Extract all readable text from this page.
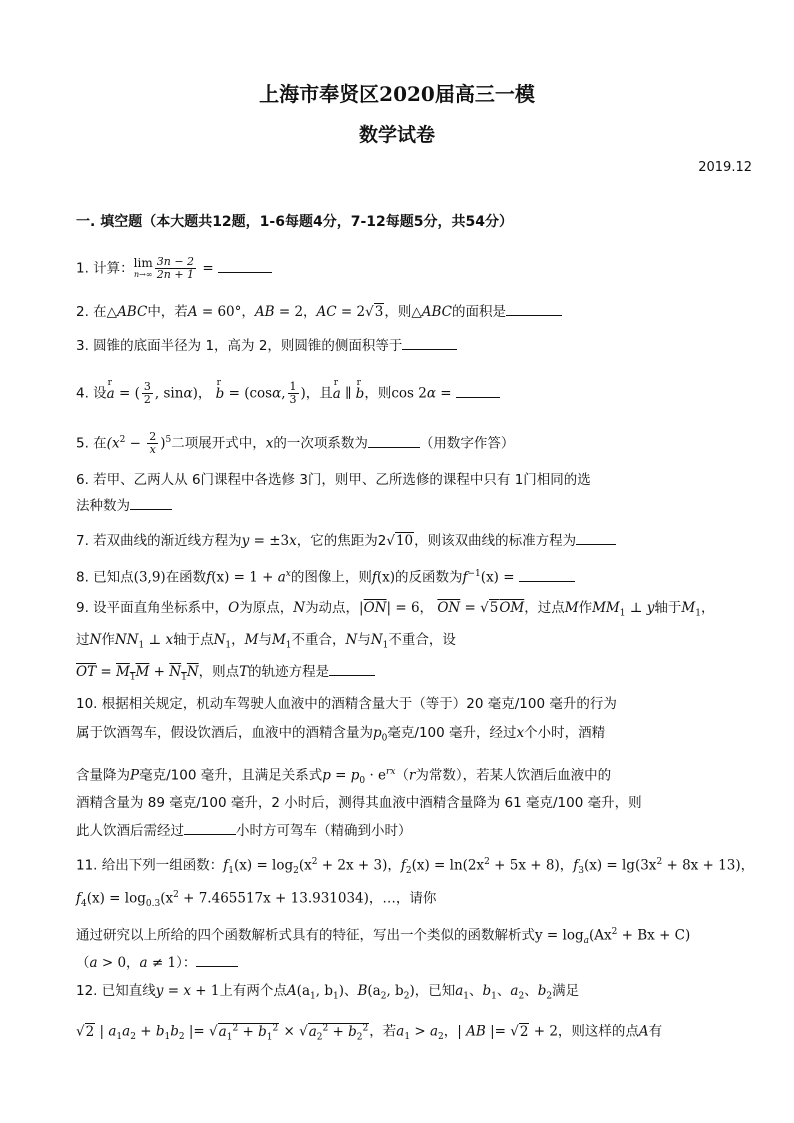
上海市奉贤区2020届高三一模
数学试卷
2019.12
一. 填空题（本大题共12题，1-6每题4分，7-12每题5分，共54分）
1. 计算：lim
$n\to\infty \frac{3n - 2}{2n + 1}$ =
2. 在△ABC中，若A = 60°，AB = 2，AC = 2√3，则△ABC的面积是
3. 圆锥的底面半径为 1，高为 2，则圆锥的侧面积等于
4. 设r a = ( $\frac{3}{2}$ , sinα)， r b = (cosα, $\frac{1}{3}$ )，且r a ∥ r b，则cos 2α =
5. 在$(x^2 - \frac{2}{x} )^5$二项展开式中，x的一次项系数为	（用数字作答）
6. 若甲、乙两人从 6门课程中各选修 3门，则甲、乙所选修的课程中只有 1门相同的选
法种数为
7. 若双曲线的渐近线方程为y = ±3x，它的焦距为2√10，则该双曲线的标准方程为
8. 已知点(3,9)在函数$f(x) = 1 + a^x$的图像上，则f(x)的反函数为$f^{-1}(x)$ =
9. 设平面直角坐标系中，O为原点，N为动点，$|\overline{ON}| = 6$， $\overline{ON} = √5\overline{OM}$，过点M作$MM_1$ ⊥ y轴于$M_1$，
过N作$NN_1$ ⊥ x轴于点$N_1$，M与$M_1$不重合，N与$N_1$不重合，设
$\overline{OT} = M_1M + N_1N$，则点T的轨迹方程是
10. 根据相关规定，机动车驾驶人血液中的酒精含量大于（等于）20 毫克/100 毫升的行为
属于饮酒驾车，假设饮酒后，血液中的酒精含量为$p_0$毫克/100 毫升，经过x个小时，酒精
含量降为P毫克/100 毫升，且满足关系式$p = p_0 \cdot e^{rx}(r$为常数），若某人饮酒后血液中的
酒精含量为 89 毫克/100 毫升，2 小时后，测得其血液中酒精含量降为 61 毫克/100 毫升，则
此人饮酒后需经过	小时方可驾车（精确到小时）
11. 给出下列一组函数：$f_1(x) = \log_2(x^2 + 2x + 3)$，$f_2(x) = \ln(2x^2 + 5x + 8)$，$f_3(x) = \lg(3x^2 + 8x + 13)$，
$f_4(x) = \log_{0.3}(x^2 + 7.465517x + 13.931034)$，…，请你
通过研究以上所给的四个函数解析式具有的特征，写出一个类似的函数解析式$y = \log_a(Ax^2 + Bx + C)$
（a > 0，a ≠ 1）：
12. 已知直线y = x + 1上有两个点$A(a_1$, $b_1$)、$B(a_2$, $b_2$)，已知$a_1$、$b_1$、$a_2$、$b_2$满足
√2 | $a_1a_2 + b_1b_2$ |= $√a_1^2 + b_1^2 \times √a_2^2 + b_2^2$，若$a_1 > a_2$，| AB |= √2 + 2，则这样的点A有
